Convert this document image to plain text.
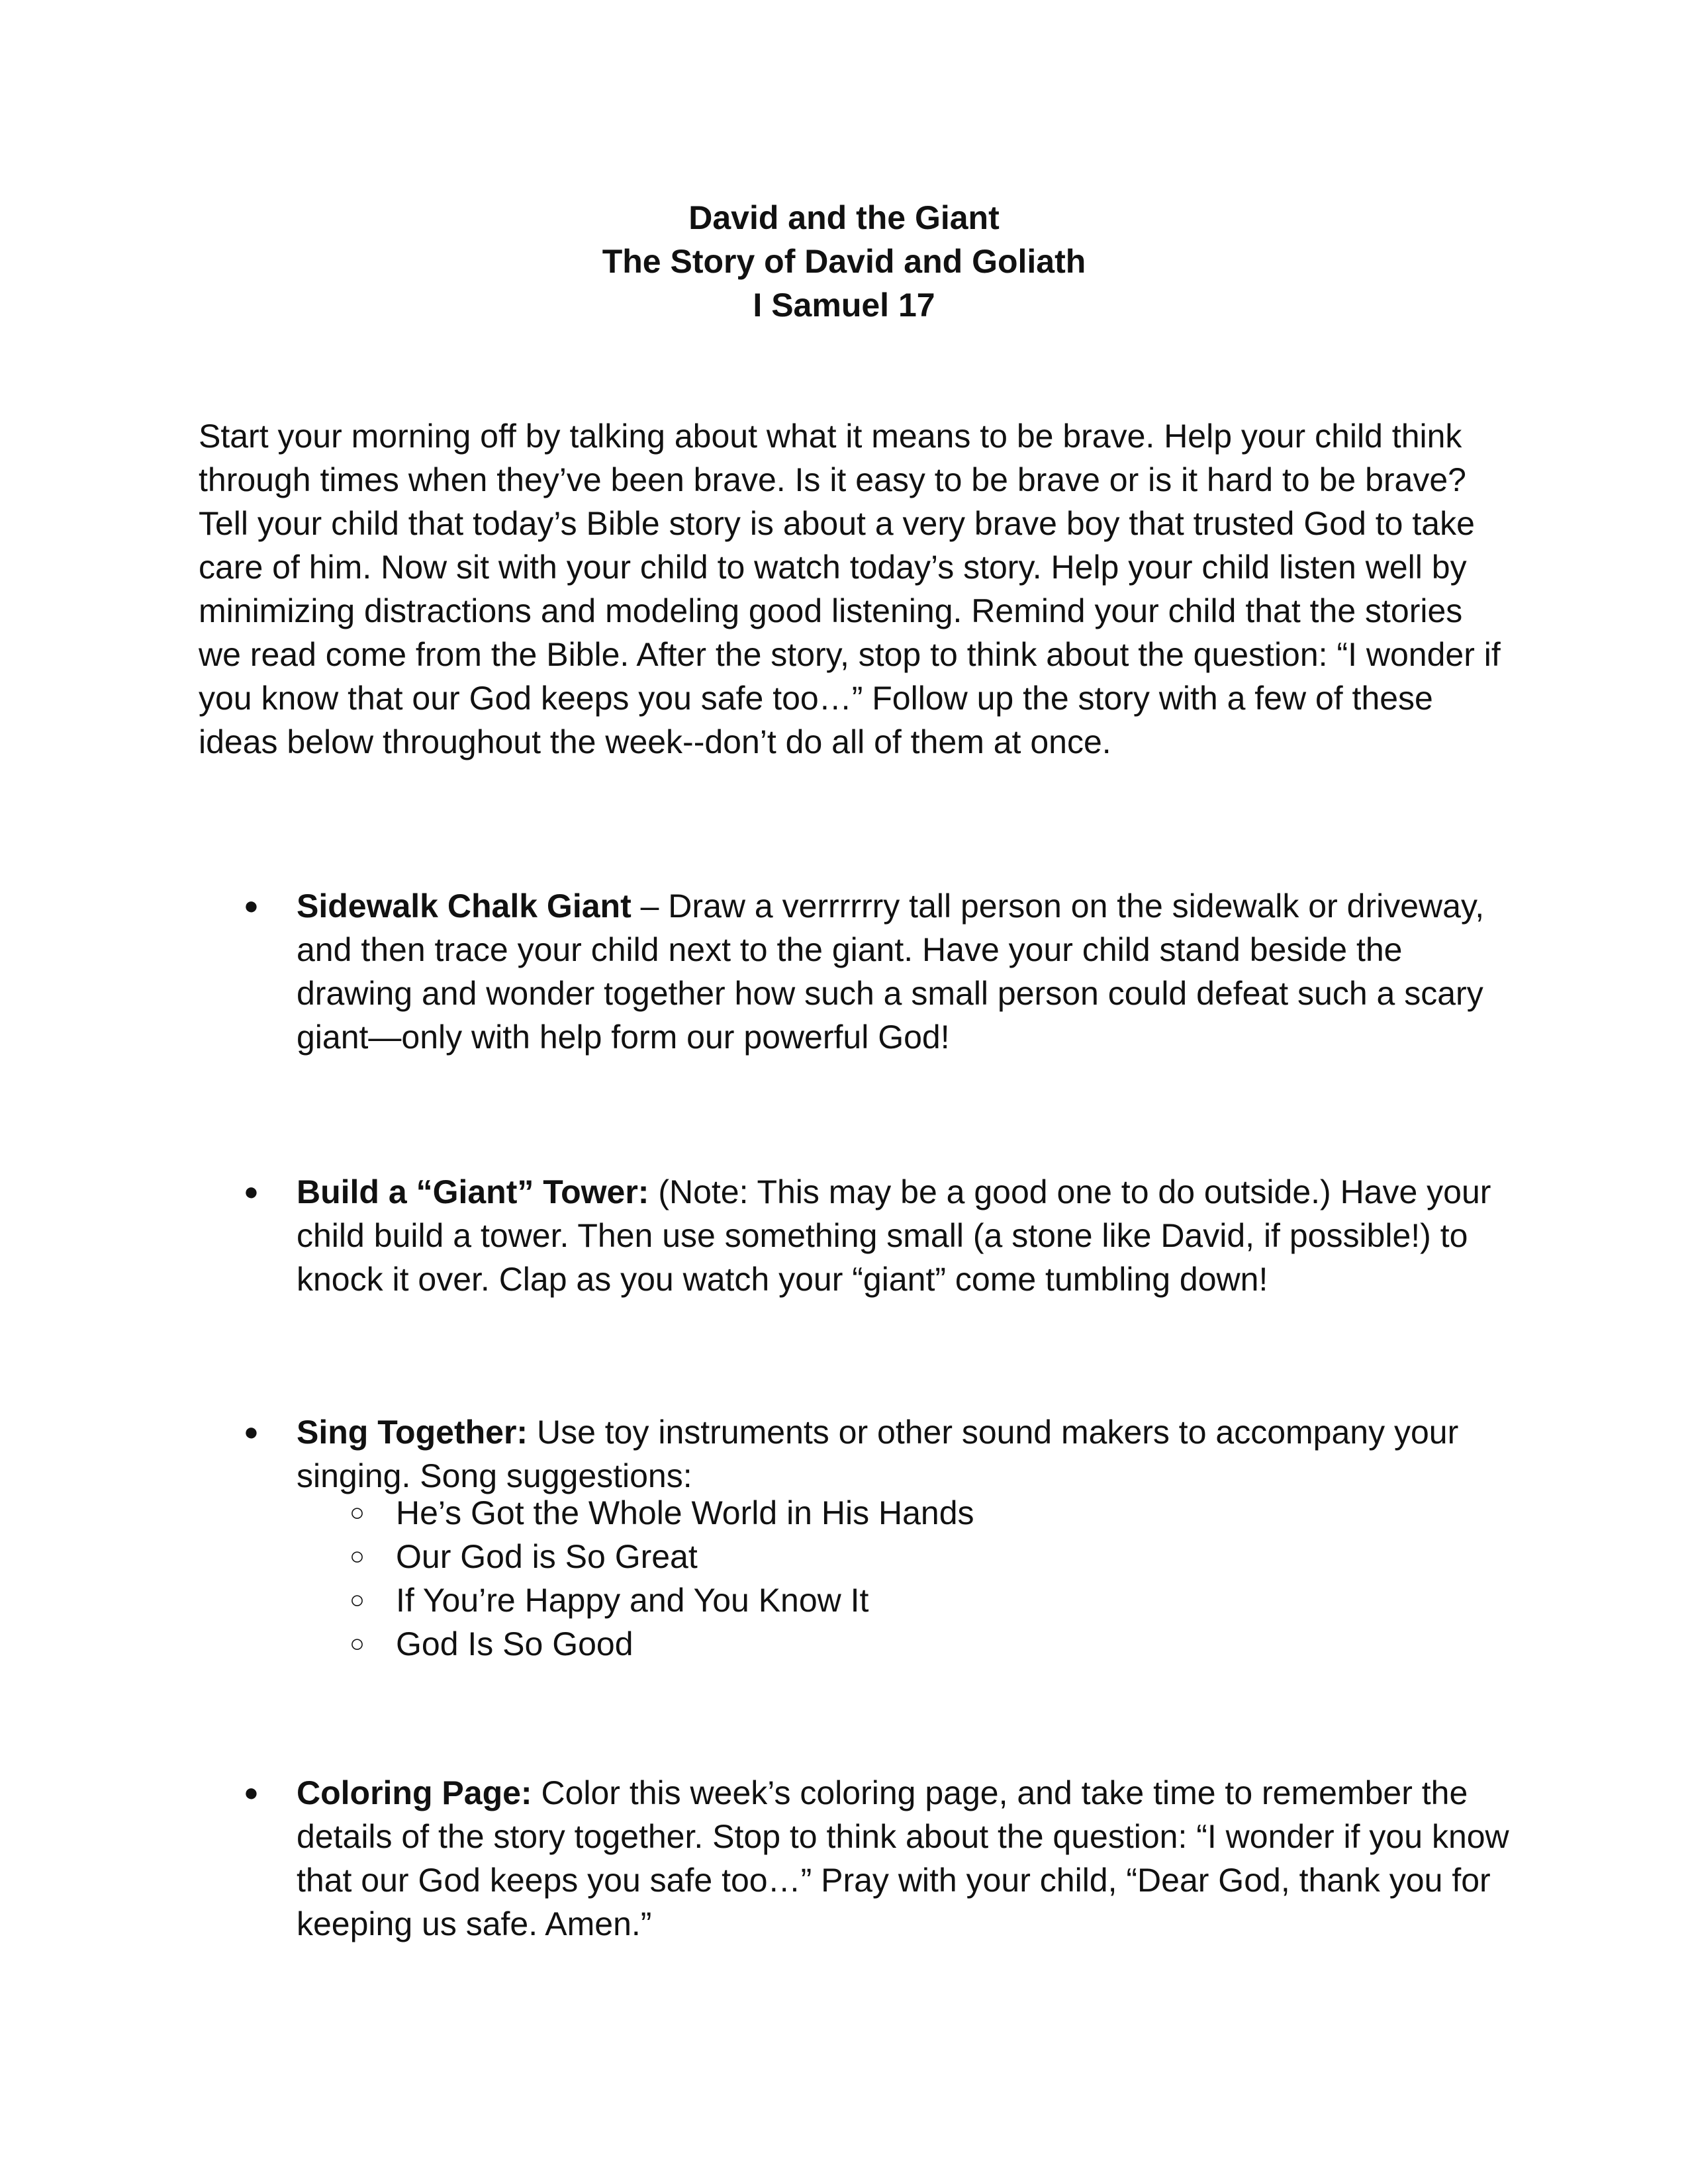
David and the Giant
The Story of David and Goliath
I Samuel 17

Start your morning off by talking about what it means to be brave. Help your child think through times when they’ve been brave. Is it easy to be brave or is it hard to be brave? Tell your child that today’s Bible story is about a very brave boy that trusted God to take care of him. Now sit with your child to watch today’s story. Help your child listen well by minimizing distractions and modeling good listening. Remind your child that the stories we read come from the Bible. After the story, stop to think about the question: “I wonder if you know that our God keeps you safe too…” Follow up the story with a few of these ideas below throughout the week--don’t do all of them at once.

● Sidewalk Chalk Giant – Draw a verrrrrry tall person on the sidewalk or driveway, and then trace your child next to the giant. Have your child stand beside the drawing and wonder together how such a small person could defeat such a scary giant—only with help form our powerful God!
● Build a “Giant” Tower: (Note: This may be a good one to do outside.) Have your child build a tower. Then use something small (a stone like David, if possible!) to knock it over. Clap as you watch your “giant” come tumbling down!
● Sing Together: Use toy instruments or other sound makers to accompany your singing. Song suggestions:
○ He’s Got the Whole World in His Hands
○ Our God is So Great
○ If You’re Happy and You Know It
○ God Is So Good
● Coloring Page: Color this week’s coloring page, and take time to remember the details of the story together. Stop to think about the question: “I wonder if you know that our God keeps you safe too…” Pray with your child, “Dear God, thank you for keeping us safe. Amen.”
